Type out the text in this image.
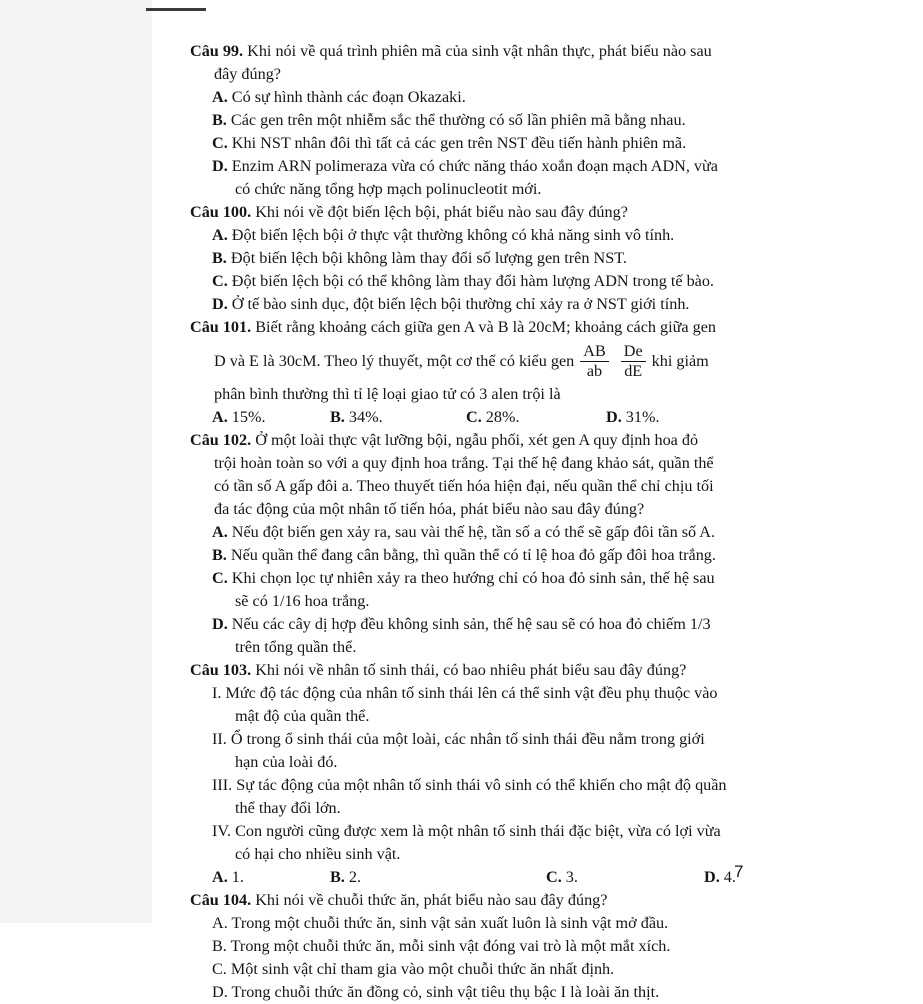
Câu 99. Khi nói về quá trình phiên mã của sinh vật nhân thực, phát biểu nào sau
đây đúng?
A. Có sự hình thành các đoạn Okazaki.
B. Các gen trên một nhiễm sắc thể thường có số lần phiên mã bằng nhau.
C. Khi NST nhân đôi thì tất cả các gen trên NST đều tiến hành phiên mã.
D. Enzim ARN polimeraza vừa có chức năng tháo xoắn đoạn mạch ADN, vừa
có chức năng tổng hợp mạch polinucleotit mới.
Câu 100. Khi nói về đột biến lệch bội, phát biểu nào sau đây đúng?
A. Đột biến lệch bội ở thực vật thường không có khả năng sinh vô tính.
B. Đột biến lệch bội không làm thay đổi số lượng gen trên NST.
C. Đột biến lệch bội có thể không làm thay đổi hàm lượng ADN trong tế bào.
D. Ở tế bào sinh dục, đột biến lệch bội thường chỉ xảy ra ở NST giới tính.
Câu 101. Biết rằng khoảng cách giữa gen A và B là 20cM; khoảng cách giữa gen
D và E là 30cM. Theo lý thuyết, một cơ thể có kiểu gen $\frac{AB}{ab} \frac{De}{dE}$ khi giảm
phân bình thường thì tỉ lệ loại giao tử có 3 alen trội là
A. 15%.	B. 34%.	C. 28%.	D. 31%.
Câu 102. Ở một loài thực vật lưỡng bội, ngẫu phối, xét gen A quy định hoa đỏ
trội hoàn toàn so với a quy định hoa trắng. Tại thế hệ đang khảo sát, quần thể
có tần số A gấp đôi a. Theo thuyết tiến hóa hiện đại, nếu quần thể chỉ chịu tối
đa tác động của một nhân tố tiến hóa, phát biểu nào sau đây đúng?
A. Nếu đột biến gen xảy ra, sau vài thế hệ, tần số a có thể sẽ gấp đôi tần số A.
B. Nếu quần thể đang cân bằng, thì quần thể có tỉ lệ hoa đỏ gấp đôi hoa trắng.
C. Khi chọn lọc tự nhiên xảy ra theo hướng chỉ có hoa đỏ sinh sản, thế hệ sau
sẽ có 1/16 hoa trắng.
D. Nếu các cây dị hợp đều không sinh sản, thế hệ sau sẽ có hoa đỏ chiếm 1/3
trên tổng quần thể.
Câu 103. Khi nói về nhân tố sinh thái, có bao nhiêu phát biểu sau đây đúng?
I. Mức độ tác động của nhân tố sinh thái lên cá thể sinh vật đều phụ thuộc vào
mật độ của quần thể.
II. Ổ trong ổ sinh thái của một loài, các nhân tố sinh thái đều nằm trong giới
hạn của loài đó.
III. Sự tác động của một nhân tố sinh thái vô sinh có thể khiến cho mật độ quần
thể thay đổi lớn.
IV. Con người cũng được xem là một nhân tố sinh thái đặc biệt, vừa có lợi vừa
có hại cho nhiều sinh vật.
A. 1.	B. 2.	C. 3.	D. 4.
Câu 104. Khi nói về chuỗi thức ăn, phát biểu nào sau đây đúng?
A. Trong một chuỗi thức ăn, sinh vật sản xuất luôn là sinh vật mở đầu.
B. Trong một chuỗi thức ăn, mỗi sinh vật đóng vai trò là một mắt xích.
C. Một sinh vật chỉ tham gia vào một chuỗi thức ăn nhất định.
D. Trong chuỗi thức ăn đồng cỏ, sinh vật tiêu thụ bậc I là loài ăn thịt.
7
